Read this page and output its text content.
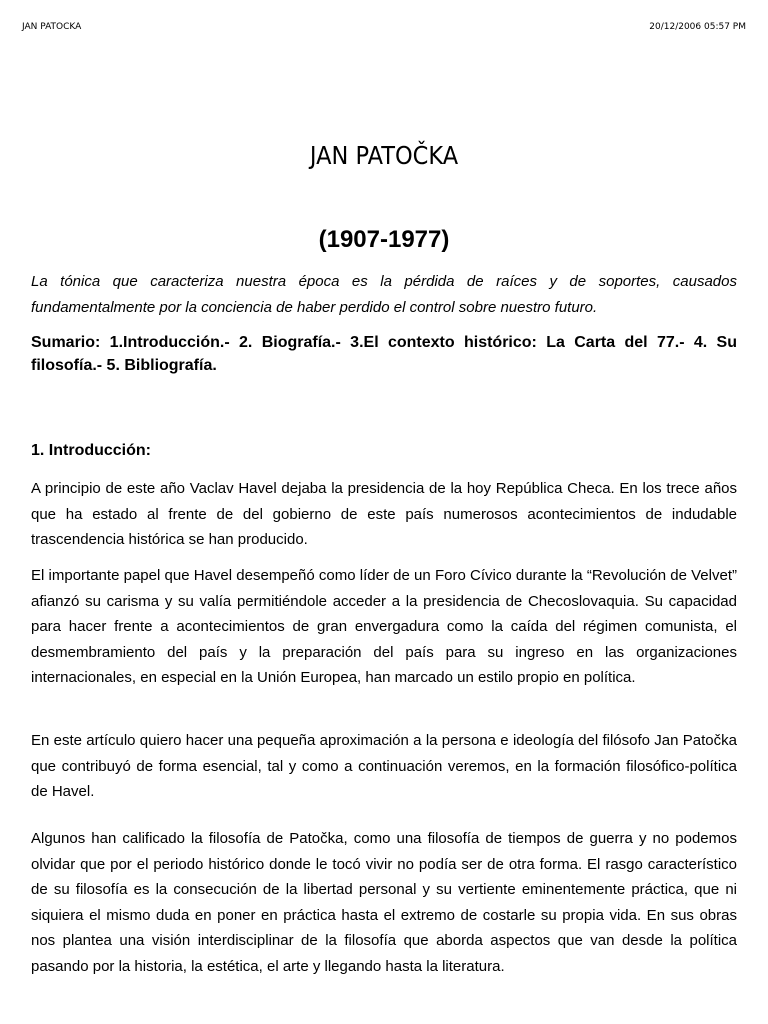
JAN PATOCKA	20/12/2006 05:57 PM
JAN PATOČKA
(1907-1977)
La tónica que caracteriza nuestra época es la pérdida de raíces y de soportes, causados fundamentalmente por la conciencia de haber perdido el control sobre nuestro futuro.
Sumario: 1.Introducción.- 2. Biografía.- 3.El contexto histórico: La Carta del 77.- 4. Su filosofía.- 5. Bibliografía.
1. Introducción:
A principio de este año Vaclav Havel dejaba la presidencia de la hoy República Checa. En los trece años que ha estado al frente de del gobierno de este país numerosos acontecimientos de indudable trascendencia histórica se han producido.
El importante papel que Havel desempeñó como líder de un Foro Cívico durante la “Revolución de Velvet” afianzó su carisma y su valía permitiéndole acceder a la presidencia de Checoslovaquia. Su capacidad para hacer frente a acontecimientos de gran envergadura como la caída del régimen comunista, el desmembramiento del país y la preparación del país para su ingreso en las organizaciones internacionales, en especial en la Unión Europea, han marcado un estilo propio en política.
En este artículo quiero hacer una pequeña aproximación a la persona e ideología del filósofo Jan Patočka que contribuyó de forma esencial, tal y como a continuación veremos, en la formación filosófico-política de Havel.
Algunos han calificado la filosofía de Patočka, como una filosofía de tiempos de guerra y no podemos olvidar que por el periodo histórico donde le tocó vivir no podía ser de otra forma. El rasgo característico de su filosofía es la consecución de la libertad personal y su vertiente eminentemente práctica, que ni siquiera el mismo duda en poner en práctica hasta el extremo de costarle su propia vida. En sus obras nos plantea una visión interdisciplinar de la filosofía que aborda aspectos que van desde la política pasando por la historia, la estética, el arte y llegando hasta la literatura.
